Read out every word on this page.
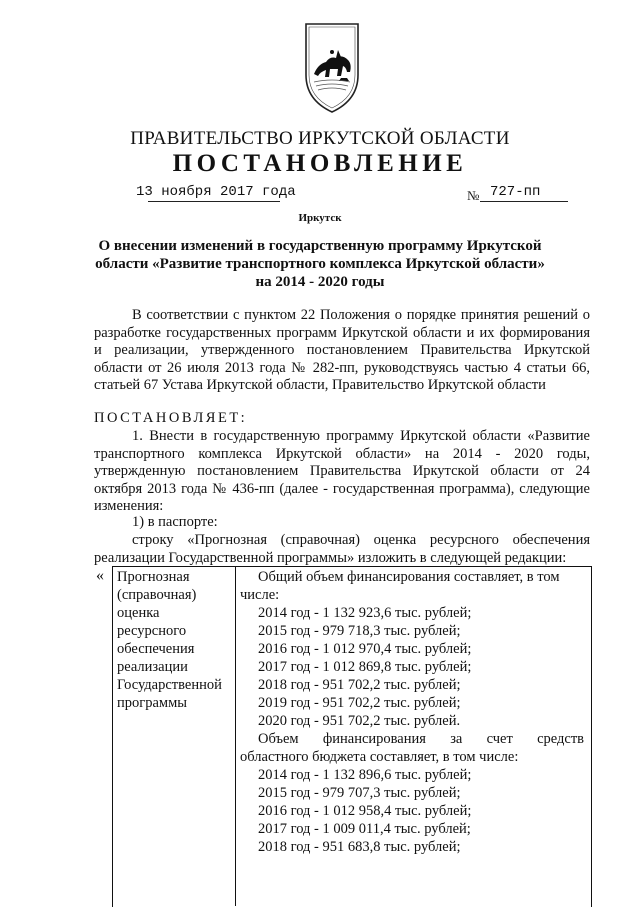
ПРАВИТЕЛЬСТВО ИРКУТСКОЙ ОБЛАСТИ
ПОСТАНОВЛЕНИЕ
13 ноября 2017 года	№ 727-пп
Иркутск
О внесении изменений в государственную программу Иркутской
области «Развитие транспортного комплекса Иркутской области»
на 2014 - 2020 годы
В соответствии с пунктом 22 Положения о порядке принятия решений о разработке государственных программ Иркутской области и их формирования и реализации, утвержденного постановлением Правительства Иркутской области от 26 июля 2013 года № 282-пп, руководствуясь частью 4 статьи 66, статьей 67 Устава Иркутской области, Правительство Иркутской области
ПОСТАНОВЛЯЕТ:
1. Внести в государственную программу Иркутской области «Развитие транспортного комплекса Иркутской области» на 2014 - 2020 годы, утвержденную постановлением Правительства Иркутской области от 24 октября 2013 года № 436-пп (далее - государственная программа), следующие изменения:
1) в паспорте:
строку «Прогнозная (справочная) оценка ресурсного обеспечения реализации Государственной программы» изложить в следующей редакции:
« Прогнозная
(справочная)
оценка
ресурсного
обеспечения
реализации
Государственной
программы
Общий объем финансирования составляет, в том
числе:
2014 год - 1 132 923,6 тыс. рублей;
2015 год - 979 718,3 тыс. рублей;
2016 год - 1 012 970,4 тыс. рублей;
2017 год - 1 012 869,8 тыс. рублей;
2018 год - 951 702,2 тыс. рублей;
2019 год - 951 702,2 тыс. рублей;
2020 год - 951 702,2 тыс. рублей.
Объем финансирования за счет средств
областного бюджета составляет, в том числе:
2014 год - 1 132 896,6 тыс. рублей;
2015 год - 979 707,3 тыс. рублей;
2016 год - 1 012 958,4 тыс. рублей;
2017 год - 1 009 011,4 тыс. рублей;
2018 год - 951 683,8 тыс. рублей;
